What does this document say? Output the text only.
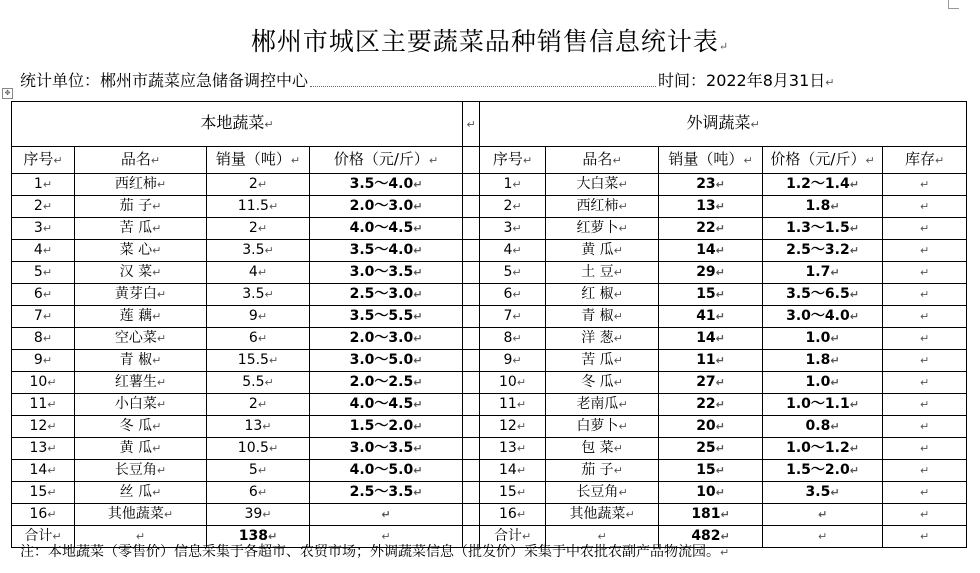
郴州市城区主要蔬菜品种销售信息统计表↵
统计单位：郴州市蔬菜应急储备调控中心	时间：2022年8月31日↵
✥
本地蔬菜↵				↵	外调蔬菜↵				
序号↵	品名↵	销量（吨）↵	价格（元/斤）↵		序号↵	品名↵	销量（吨）↵	价格（元/斤）↵	库存↵
1↵	西红柿↵	2↵	3.5～4.0↵		1↵	大白菜↵	23↵	1.2～1.4↵	↵
2↵	茄 子↵	11.5↵	2.0～3.0↵		2↵	西红柿↵	13↵	1.8↵	↵
3↵	苦 瓜↵	2↵	4.0～4.5↵		3↵	红萝卜↵	22↵	1.3～1.5↵	↵
4↵	菜 心↵	3.5↵	3.5～4.0↵		4↵	黄 瓜↵	14↵	2.5～3.2↵	↵
5↵	汉 菜↵	4↵	3.0～3.5↵		5↵	土 豆↵	29↵	1.7↵	↵
6↵	黄芽白↵	3.5↵	2.5～3.0↵		6↵	红 椒↵	15↵	3.5～6.5↵	↵
7↵	莲 藕↵	9↵	3.5～5.5↵		7↵	青 椒↵	41↵	3.0～4.0↵	↵
8↵	空心菜↵	6↵	2.0～3.0↵		8↵	洋 葱↵	14↵	1.0↵	↵
9↵	青 椒↵	15.5↵	3.0～5.0↵		9↵	苦 瓜↵	11↵	1.8↵	↵
10↵	红薯生↵	5.5↵	2.0～2.5↵		10↵	冬 瓜↵	27↵	1.0↵	↵
11↵	小白菜↵	2↵	4.0～4.5↵		11↵	老南瓜↵	22↵	1.0～1.1↵	↵
12↵	冬 瓜↵	13↵	1.5～2.0↵		12↵	白萝卜↵	20↵	0.8↵	↵
13↵	黄 瓜↵	10.5↵	3.0～3.5↵		13↵	包 菜↵	25↵	1.0～1.2↵	↵
14↵	长豆角↵	5↵	4.0～5.0↵		14↵	茄 子↵	15↵	1.5～2.0↵	↵
15↵	丝 瓜↵	6↵	2.5～3.5↵		15↵	长豆角↵	10↵	3.5↵	↵
16↵	其他蔬菜↵	39↵	↵		16↵	其他蔬菜↵	181↵	↵	↵
合计↵	↵	138↵	↵		合计↵	↵	482↵	↵	↵
注：本地蔬菜（零售价）信息采集于各超市、农贸市场；外调蔬菜信息（批发价）采集于中农批农副产品物流园。↵
